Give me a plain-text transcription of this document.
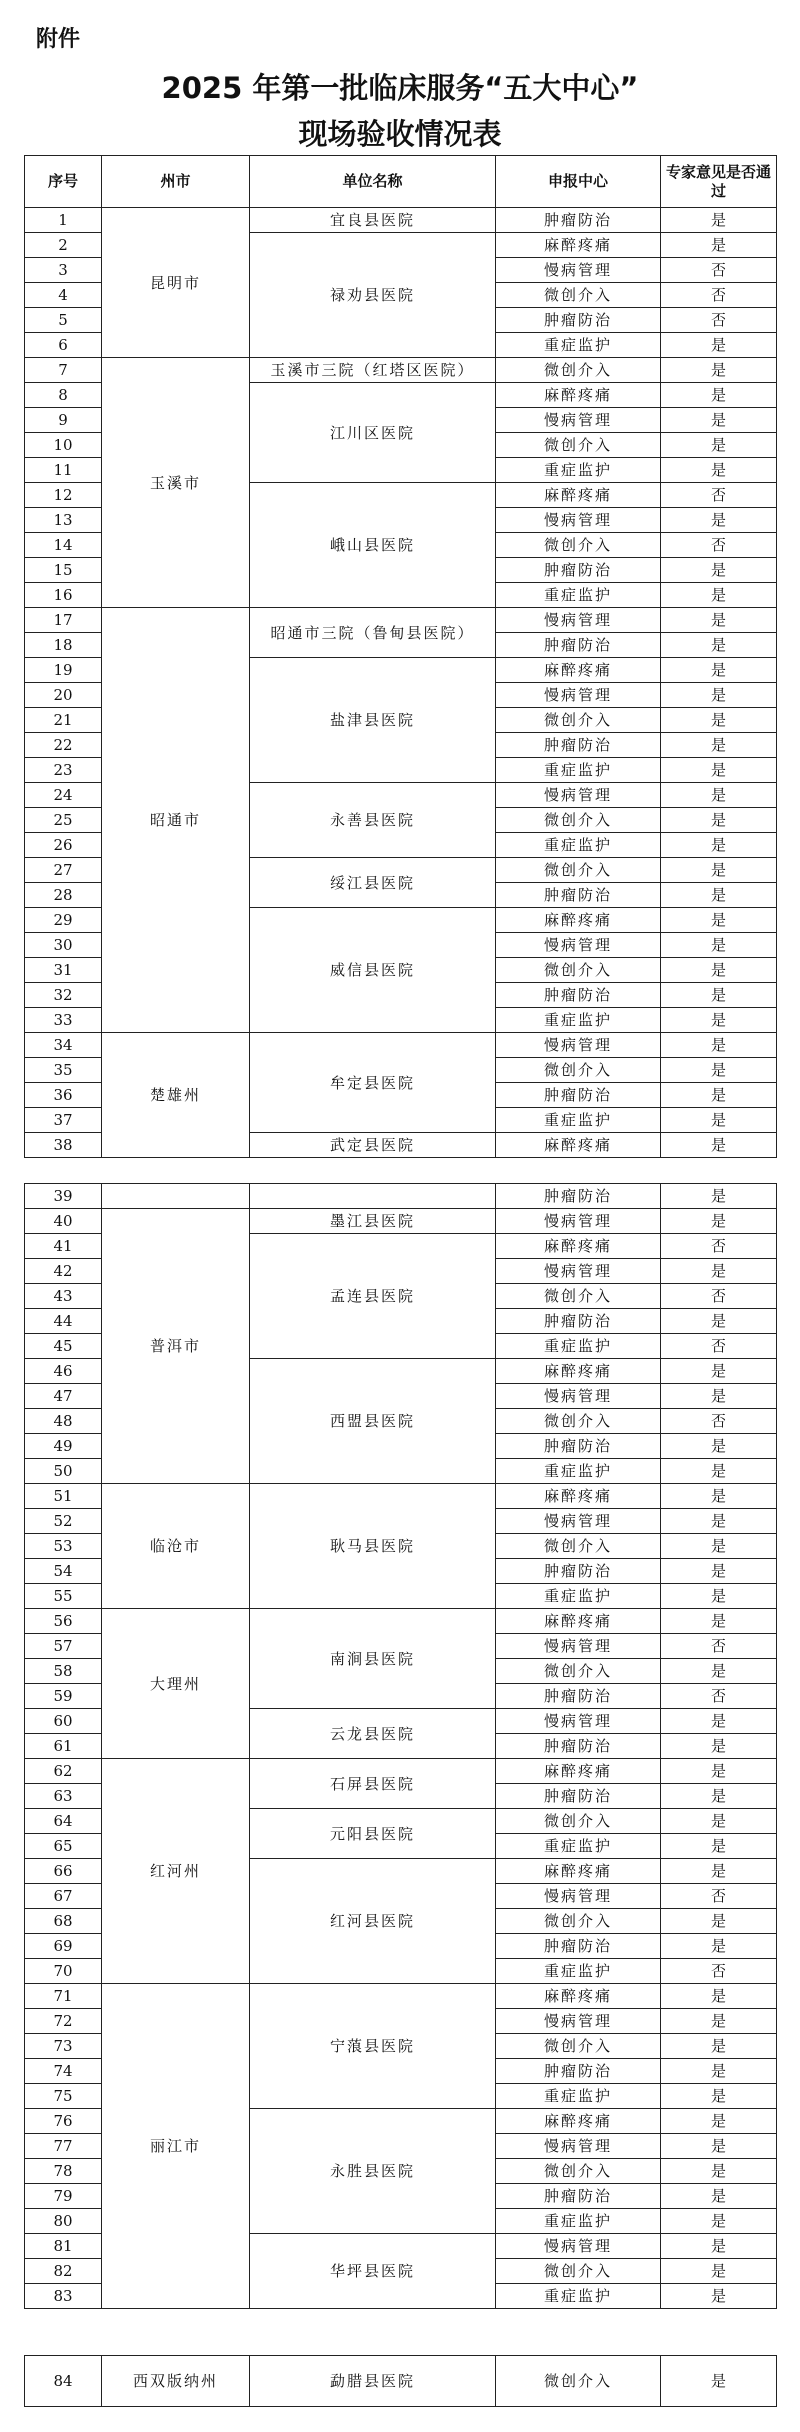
附件
2025 年第一批临床服务“五大中心”
现场验收情况表
序号	州市	单位名称	申报中心	专家意见是否通过
1	昆明市	宜良县医院	肿瘤防治	是
2		禄劝县医院	麻醉疼痛	是
3			慢病管理	否
4			微创介入	否
5			肿瘤防治	否
6			重症监护	是
7	玉溪市	玉溪市三院（红塔区医院）	微创介入	是
8		江川区医院	麻醉疼痛	是
9			慢病管理	是
10			微创介入	是
11			重症监护	是
12		峨山县医院	麻醉疼痛	否
13			慢病管理	是
14			微创介入	否
15			肿瘤防治	是
16			重症监护	是
17	昭通市	昭通市三院（鲁甸县医院）	慢病管理	是
18			肿瘤防治	是
19		盐津县医院	麻醉疼痛	是
20			慢病管理	是
21			微创介入	是
22			肿瘤防治	是
23			重症监护	是
24		永善县医院	慢病管理	是
25			微创介入	是
26			重症监护	是
27		绥江县医院	微创介入	是
28			肿瘤防治	是
29		威信县医院	麻醉疼痛	是
30			慢病管理	是
31			微创介入	是
32			肿瘤防治	是
33			重症监护	是
34	楚雄州	牟定县医院	慢病管理	是
35			微创介入	是
36			肿瘤防治	是
37			重症监护	是
38		武定县医院	麻醉疼痛	是
39			肿瘤防治	是
40	普洱市	墨江县医院	慢病管理	是
41		孟连县医院	麻醉疼痛	否
42			慢病管理	是
43			微创介入	否
44			肿瘤防治	是
45			重症监护	否
46		西盟县医院	麻醉疼痛	是
47			慢病管理	是
48			微创介入	否
49			肿瘤防治	是
50			重症监护	是
51	临沧市	耿马县医院	麻醉疼痛	是
52			慢病管理	是
53			微创介入	是
54			肿瘤防治	是
55			重症监护	是
56	大理州	南涧县医院	麻醉疼痛	是
57			慢病管理	否
58			微创介入	是
59			肿瘤防治	否
60		云龙县医院	慢病管理	是
61			肿瘤防治	是
62	红河州	石屏县医院	麻醉疼痛	是
63			肿瘤防治	是
64		元阳县医院	微创介入	是
65			重症监护	是
66		红河县医院	麻醉疼痛	是
67			慢病管理	否
68			微创介入	是
69			肿瘤防治	是
70			重症监护	否
71	丽江市	宁蒗县医院	麻醉疼痛	是
72			慢病管理	是
73			微创介入	是
74			肿瘤防治	是
75			重症监护	是
76		永胜县医院	麻醉疼痛	是
77			慢病管理	是
78			微创介入	是
79			肿瘤防治	是
80			重症监护	是
81		华坪县医院	慢病管理	是
82			微创介入	是
83			重症监护	是
84	西双版纳州	勐腊县医院	微创介入	是
